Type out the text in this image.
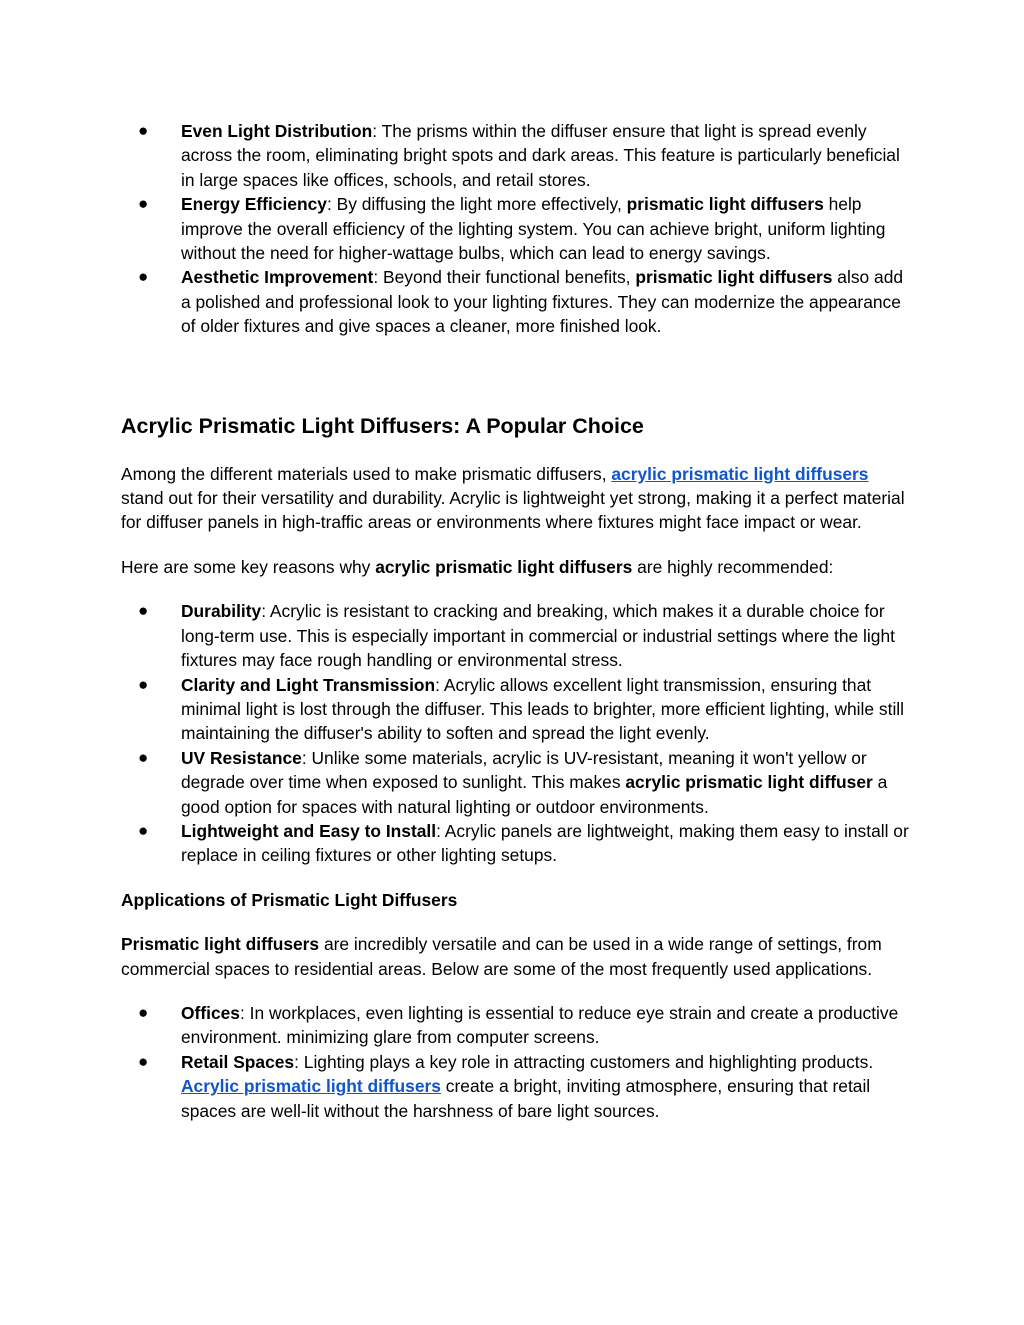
● Even Light Distribution: The prisms within the diffuser ensure that light is spread evenly across the room, eliminating bright spots and dark areas. This feature is particularly beneficial in large spaces like offices, schools, and retail stores.
● Energy Efficiency: By diffusing the light more effectively, prismatic light diffusers help improve the overall efficiency of the lighting system. You can achieve bright, uniform lighting without the need for higher-wattage bulbs, which can lead to energy savings.
● Aesthetic Improvement: Beyond their functional benefits, prismatic light diffusers also add a polished and professional look to your lighting fixtures. They can modernize the appearance of older fixtures and give spaces a cleaner, more finished look.
Acrylic Prismatic Light Diffusers: A Popular Choice

Among the different materials used to make prismatic diffusers, acrylic prismatic light diffusers stand out for their versatility and durability. Acrylic is lightweight yet strong, making it a perfect material for diffuser panels in high-traffic areas or environments where fixtures might face impact or wear.

Here are some key reasons why acrylic prismatic light diffusers are highly recommended:

● Durability: Acrylic is resistant to cracking and breaking, which makes it a durable choice for long-term use. This is especially important in commercial or industrial settings where the light fixtures may face rough handling or environmental stress.
● Clarity and Light Transmission: Acrylic allows excellent light transmission, ensuring that minimal light is lost through the diffuser. This leads to brighter, more efficient lighting, while still maintaining the diffuser's ability to soften and spread the light evenly.
● UV Resistance: Unlike some materials, acrylic is UV-resistant, meaning it won't yellow or degrade over time when exposed to sunlight. This makes acrylic prismatic light diffuser a good option for spaces with natural lighting or outdoor environments.
● Lightweight and Easy to Install: Acrylic panels are lightweight, making them easy to install or replace in ceiling fixtures or other lighting setups.
Applications of Prismatic Light Diffusers

Prismatic light diffusers are incredibly versatile and can be used in a wide range of settings, from commercial spaces to residential areas. Below are some of the most frequently used applications.

● Offices: In workplaces, even lighting is essential to reduce eye strain and create a productive environment. minimizing glare from computer screens.
● Retail Spaces: Lighting plays a key role in attracting customers and highlighting products. Acrylic prismatic light diffusers create a bright, inviting atmosphere, ensuring that retail spaces are well-lit without the harshness of bare light sources.
